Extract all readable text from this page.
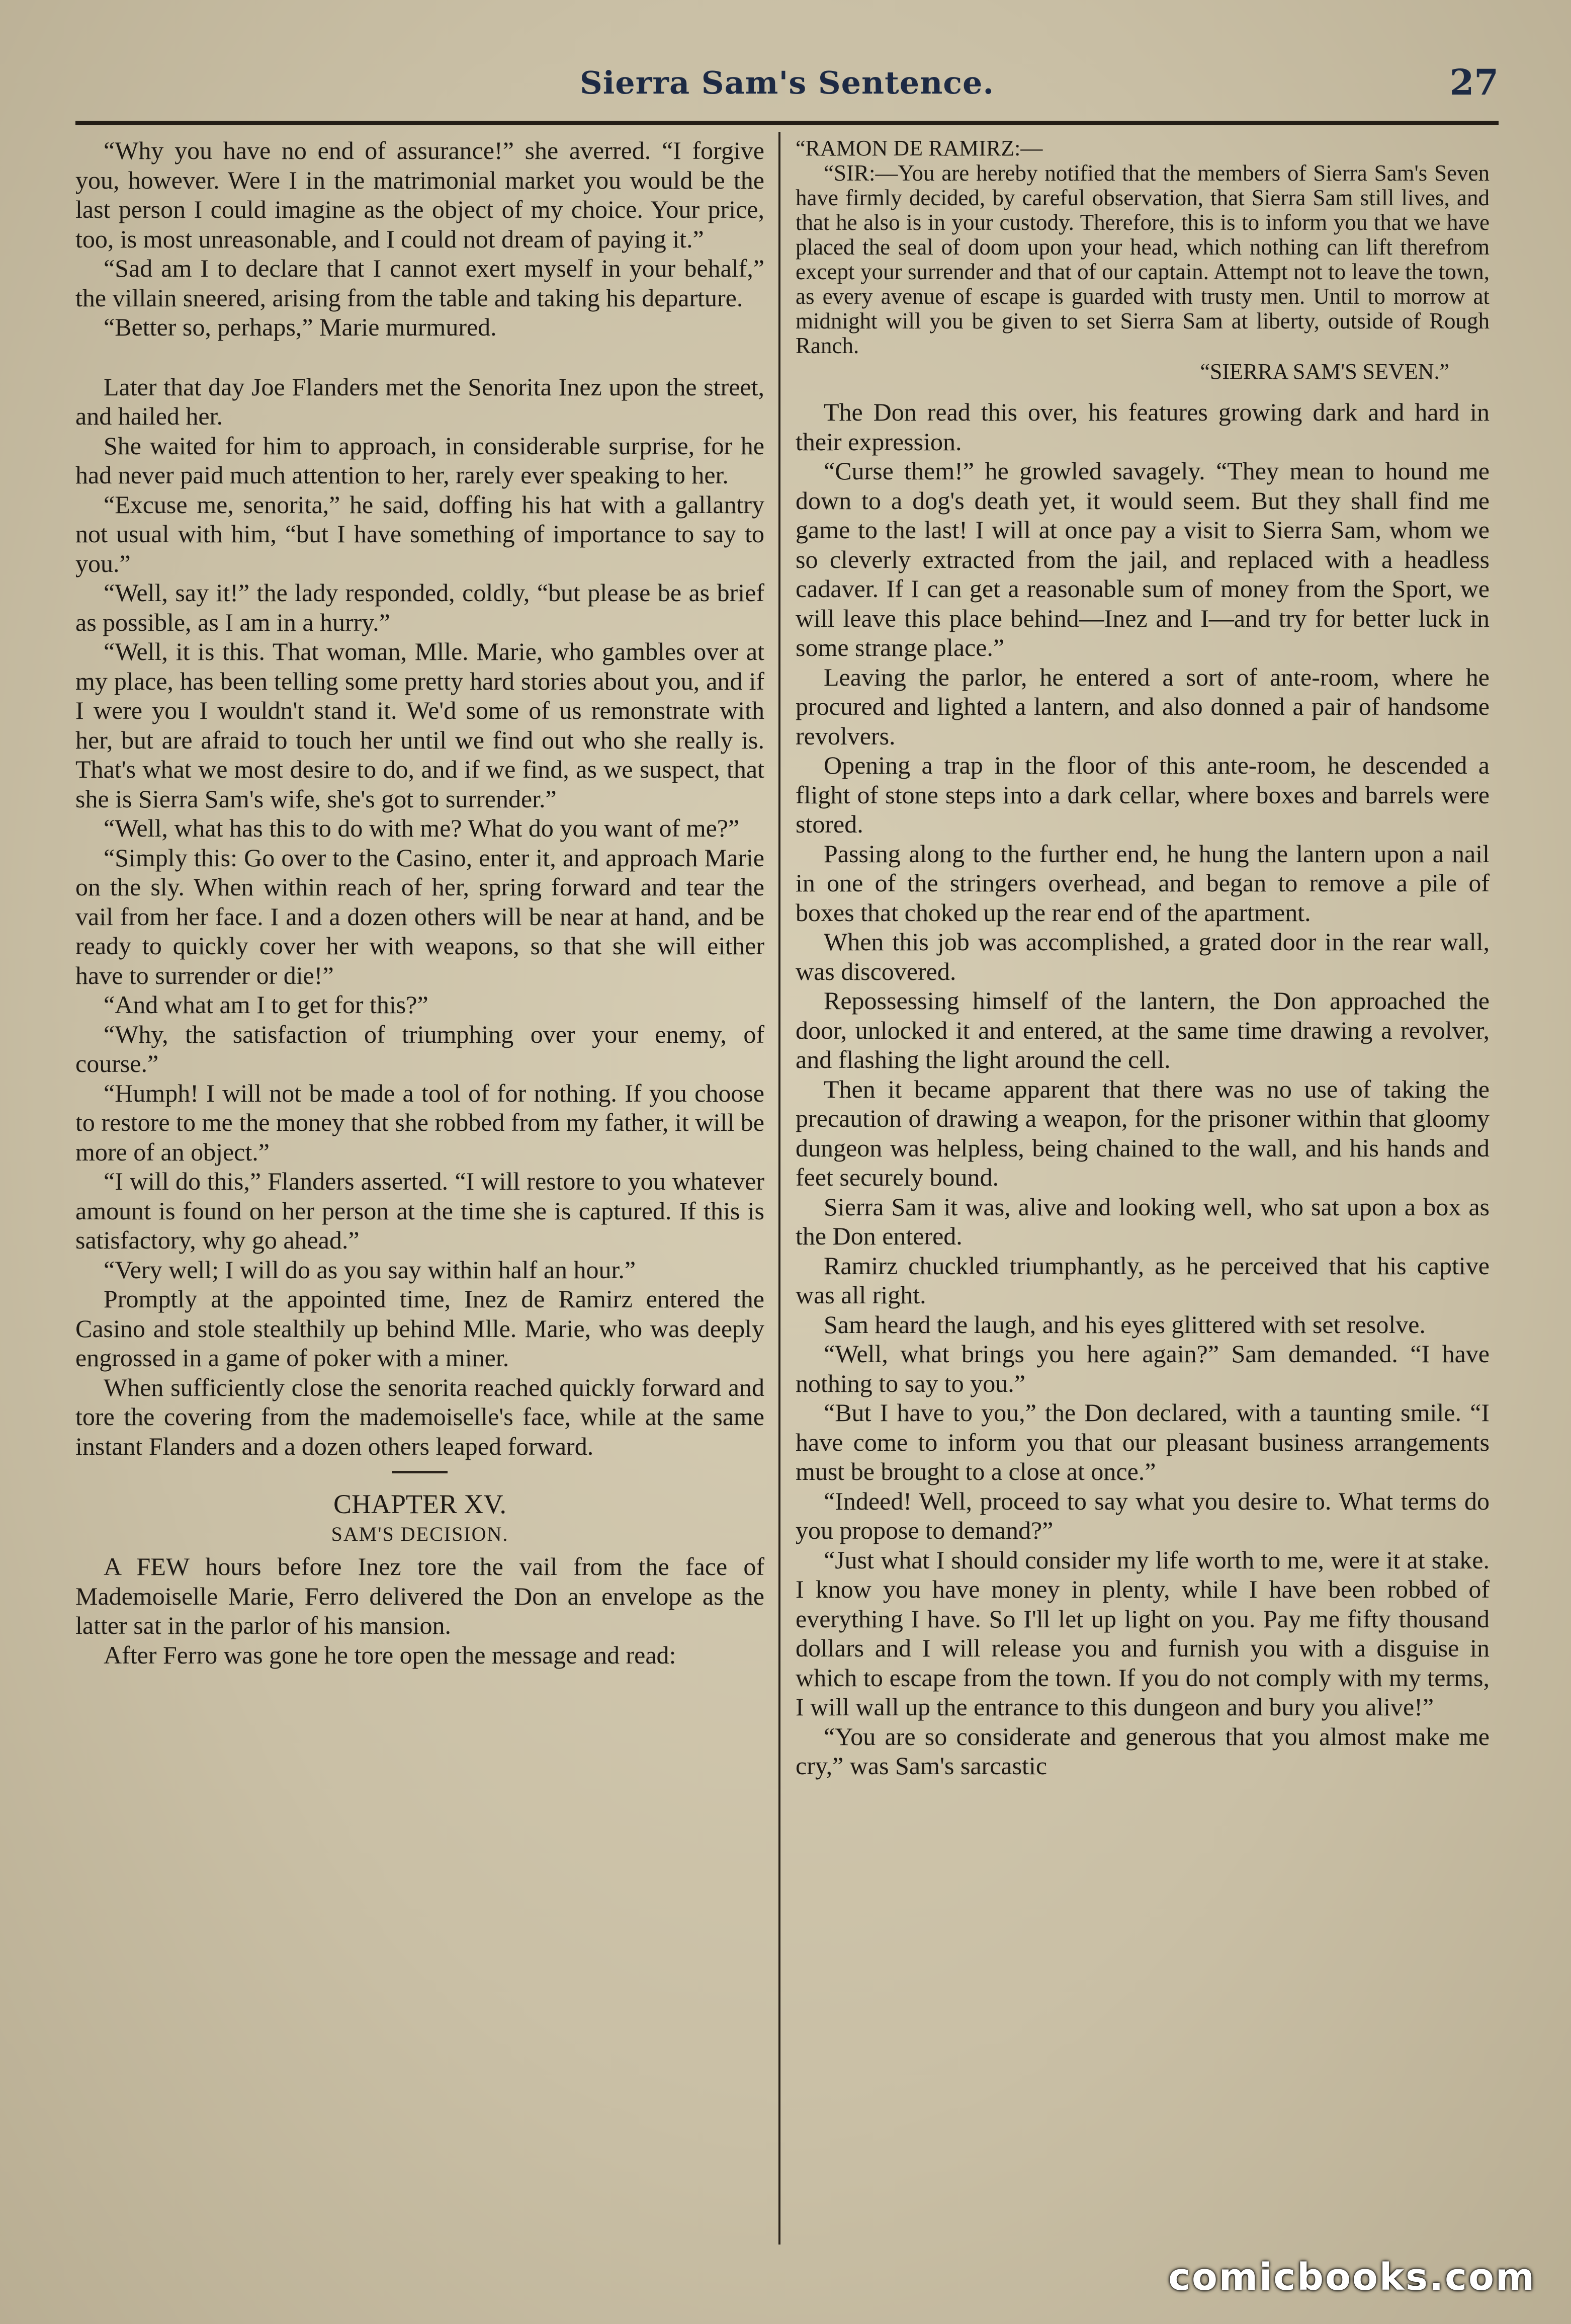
Sierra Sam's Sentence.	27

“Why you have no end of assurance!” she averred. “I forgive you, however. Were I in the matrimonial market you would be the last person I could imagine as the object of my choice. Your price, too, is most unreasonable, and I could not dream of paying it.”

“Sad am I to declare that I cannot exert myself in your behalf,” the villain sneered, arising from the table and taking his departure.

“Better so, perhaps,” Marie murmured.

Later that day Joe Flanders met the Senorita Inez upon the street, and hailed her.

She waited for him to approach, in considerable surprise, for he had never paid much attention to her, rarely ever speaking to her.

“Excuse me, senorita,” he said, doffing his hat with a gallantry not usual with him, “but I have something of importance to say to you.”

“Well, say it!” the lady responded, coldly, “but please be as brief as possible, as I am in a hurry.”

“Well, it is this. That woman, Mlle. Marie, who gambles over at my place, has been telling some pretty hard stories about you, and if I were you I wouldn't stand it. We'd some of us remonstrate with her, but are afraid to touch her until we find out who she really is. That's what we most desire to do, and if we find, as we suspect, that she is Sierra Sam's wife, she's got to surrender.”

“Well, what has this to do with me? What do you want of me?”

“Simply this: Go over to the Casino, enter it, and approach Marie on the sly. When within reach of her, spring forward and tear the vail from her face. I and a dozen others will be near at hand, and be ready to quickly cover her with weapons, so that she will either have to surrender or die!”

“And what am I to get for this?”

“Why, the satisfaction of triumphing over your enemy, of course.”

“Humph! I will not be made a tool of for nothing. If you choose to restore to me the money that she robbed from my father, it will be more of an object.”

“I will do this,” Flanders asserted. “I will restore to you whatever amount is found on her person at the time she is captured. If this is satisfactory, why go ahead.”

“Very well; I will do as you say within half an hour.”

Promptly at the appointed time, Inez de Ramirz entered the Casino and stole stealthily up behind Mlle. Marie, who was deeply engrossed in a game of poker with a miner.

When sufficiently close the senorita reached quickly forward and tore the covering from the mademoiselle's face, while at the same instant Flanders and a dozen others leaped forward.

CHAPTER XV.

SAM'S DECISION.

A FEW hours before Inez tore the vail from the face of Mademoiselle Marie, Ferro delivered the Don an envelope as the latter sat in the parlor of his mansion.

After Ferro was gone he tore open the message and read:

“RAMON DE RAMIRZ:—

“SIR:—You are hereby notified that the members of Sierra Sam's Seven have firmly decided, by careful observation, that Sierra Sam still lives, and that he also is in your custody. Therefore, this is to inform you that we have placed the seal of doom upon your head, which nothing can lift therefrom except your surrender and that of our captain. Attempt not to leave the town, as every avenue of escape is guarded with trusty men. Until to morrow at midnight will you be given to set Sierra Sam at liberty, outside of Rough Ranch.

“SIERRA SAM'S SEVEN.”

The Don read this over, his features growing dark and hard in their expression.

“Curse them!” he growled savagely. “They mean to hound me down to a dog's death yet, it would seem. But they shall find me game to the last! I will at once pay a visit to Sierra Sam, whom we so cleverly extracted from the jail, and replaced with a headless cadaver. If I can get a reasonable sum of money from the Sport, we will leave this place behind—Inez and I—and try for better luck in some strange place.”

Leaving the parlor, he entered a sort of ante-room, where he procured and lighted a lantern, and also donned a pair of handsome revolvers.

Opening a trap in the floor of this ante-room, he descended a flight of stone steps into a dark cellar, where boxes and barrels were stored.

Passing along to the further end, he hung the lantern upon a nail in one of the stringers overhead, and began to remove a pile of boxes that choked up the rear end of the apartment.

When this job was accomplished, a grated door in the rear wall, was discovered.

Repossessing himself of the lantern, the Don approached the door, unlocked it and entered, at the same time drawing a revolver, and flashing the light around the cell.

Then it became apparent that there was no use of taking the precaution of drawing a weapon, for the prisoner within that gloomy dungeon was helpless, being chained to the wall, and his hands and feet securely bound.

Sierra Sam it was, alive and looking well, who sat upon a box as the Don entered.

Ramirz chuckled triumphantly, as he perceived that his captive was all right.

Sam heard the laugh, and his eyes glittered with set resolve.

“Well, what brings you here again?” Sam demanded. “I have nothing to say to you.”

“But I have to you,” the Don declared, with a taunting smile. “I have come to inform you that our pleasant business arrangements must be brought to a close at once.”

“Indeed! Well, proceed to say what you desire to. What terms do you propose to demand?”

“Just what I should consider my life worth to me, were it at stake. I know you have money in plenty, while I have been robbed of everything I have. So I'll let up light on you. Pay me fifty thousand dollars and I will release you and furnish you with a disguise in which to escape from the town. If you do not comply with my terms, I will wall up the entrance to this dungeon and bury you alive!”

“You are so considerate and generous that you almost make me cry,” was Sam's sarcastic

comicbooks.com
